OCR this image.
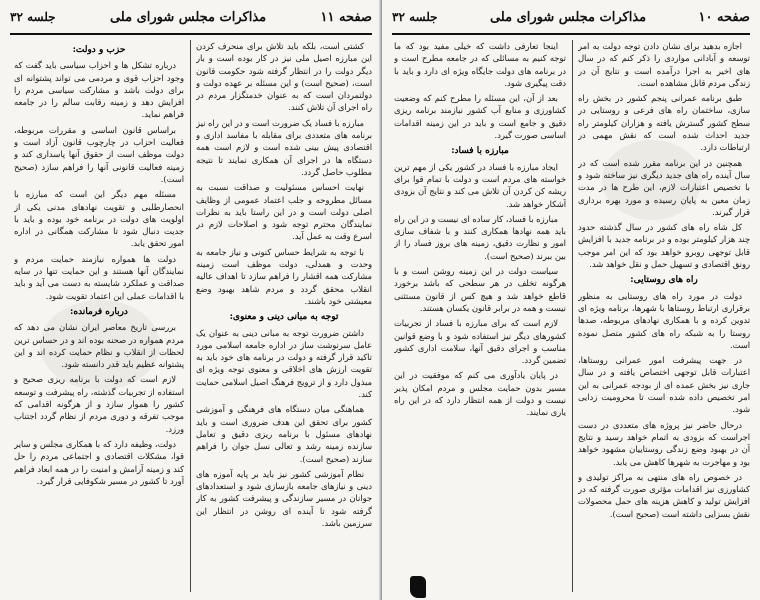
جلسه ۳۲	مذاکرات مجلس شورای ملی	صفحه ۱۱

کشتی است، بلکه باید تلاش برای منحرف کردن این مبارزه اصیل ملی نیز در کار بوده است و بار دیگر دولت را در انتظار گرفته شود حکومت قانون است، (صحیح است) و این مسئله بر عهده دولت و دولتمردان است که به عنوان خدمتگزار مردم در راه اجرای آن تلاش کنند.

مبارزه با فساد یک ضرورت است و در این راه نیز برنامه های متعددی برای مقابله با مفاسد اداری و اقتصادی پیش بینی شده است و لازم است همه دستگاه ها در اجرای آن همکاری نمایند تا نتیجه مطلوب حاصل گردد.

نهایت احساس مسئولیت و صداقت نسبت به مسائل مطروحه و جلب اعتماد عمومی از وظایف اصلی دولت است و در این راستا باید به نظرات نمایندگان محترم توجه شود و اصلاحات لازم در اسرع وقت به عمل آید.

با توجه به شرایط حساس کنونی و نیاز جامعه به وحدت و همدلی، دولت موظف است زمینه مشارکت همه اقشار را فراهم سازد تا اهداف عالیه انقلاب محقق گردد و مردم شاهد بهبود وضع معیشتی خود باشند.

توجه به مبانی دینی و معنوی:

داشتن ضرورت توجه به مبانی دینی به عنوان یک عامل سرنوشت ساز در اداره جامعه اسلامی مورد تاکید قرار گرفته و دولت در برنامه های خود باید به تقویت ارزش های اخلاقی و معنوی توجه ویژه ای مبذول دارد و از ترویج فرهنگ اصیل اسلامی حمایت کند.

هماهنگی میان دستگاه های فرهنگی و آموزشی کشور برای تحقق این هدف ضروری است و باید نهادهای مسئول با برنامه ریزی دقیق و تعامل سازنده زمینه رشد و تعالی نسل جوان را فراهم سازند (صحیح است).

نظام آموزشی کشور نیز باید بر پایه آموزه های دینی و نیازهای جامعه بازسازی شود و استعدادهای جوانان در مسیر سازندگی و پیشرفت کشور به کار گرفته شود تا آینده ای روشن در انتظار این سرزمین باشد.

حزب و دولت:

درباره تشکل ها و احزاب سیاسی باید گفت که وجود احزاب قوی و مردمی می تواند پشتوانه ای برای دولت باشد و مشارکت سیاسی مردم را افزایش دهد و زمینه رقابت سالم را در جامعه فراهم نماید.

براساس قانون اساسی و مقررات مربوطه، فعالیت احزاب در چارچوب قانون آزاد است و دولت موظف است از حقوق آنها پاسداری کند و زمینه فعالیت قانونی آنها را فراهم سازد (صحیح است).

مسئله مهم دیگر این است که مبارزه با انحصارطلبی و تقویت نهادهای مدنی یکی از اولویت های دولت در برنامه خود بوده و باید با جدیت دنبال شود تا مشارکت همگانی در اداره امور تحقق یابد.

دولت ها همواره نیازمند حمایت مردم و نمایندگان آنها هستند و این حمایت تنها در سایه صداقت و عملکرد شایسته به دست می آید و باید با اقدامات عملی این اعتماد تقویت شود.

درباره فرمانده:

بررسی تاریخ معاصر ایران نشان می دهد که مردم همواره در صحنه بوده اند و در حساس ترین لحظات از انقلاب و نظام حمایت کرده اند و این پشتوانه عظیم باید قدر دانسته شود.

لازم است که دولت با برنامه ریزی صحیح و استفاده از تجربیات گذشته، راه پیشرفت و توسعه کشور را هموار سازد و از هرگونه اقدامی که موجب تفرقه و دوری مردم از نظام گردد اجتناب ورزد.

دولت، وظیفه دارد که با همکاری مجلس و سایر قوا، مشکلات اقتصادی و اجتماعی مردم را حل کند و زمینه آرامش و امنیت را در همه ابعاد فراهم آورد تا کشور در مسیر شکوفایی قرار گیرد.

جلسه ۳۲	مذاکرات مجلس شورای ملی	صفحه ۱۰

اجازه بدهید برای نشان دادن توجه دولت به امر توسعه و آبادانی مواردی را ذکر کنم که در سال های اخیر به اجرا درآمده است و نتایج آن در زندگی مردم قابل مشاهده است.

طبق برنامه عمرانی پنجم کشور در بخش راه سازی، ساختمان راه های فرعی و روستایی در سطح کشور گسترش یافته و هزاران کیلومتر راه جدید احداث شده است که نقش مهمی در ارتباطات دارد.

همچنین در این برنامه مقرر شده است که در سال آینده راه های جدید دیگری نیز ساخته شود و با تخصیص اعتبارات لازم، این طرح ها در مدت زمان معین به پایان رسیده و مورد بهره برداری قرار گیرند.

کل شاه راه های کشور در سال گذشته حدود چند هزار کیلومتر بوده و در برنامه جدید با افزایش قابل توجهی روبرو خواهد بود که این امر موجب رونق اقتصادی و تسهیل حمل و نقل خواهد شد.

راه های روستایی:

دولت در مورد راه های روستایی به منظور برقراری ارتباط روستاها با شهرها، برنامه ویژه ای تدوین کرده و با همکاری نهادهای مربوطه، صدها روستا را به شبکه راه های کشور متصل نموده است.

در جهت پیشرفت امور عمرانی روستاها، اعتبارات قابل توجهی اختصاص یافته و در سال جاری نیز بخش عمده ای از بودجه عمرانی به این امر تخصیص داده شده است تا محرومیت زدایی شود.

درحال حاضر نیز پروژه های متعددی در دست اجراست که بزودی به اتمام خواهد رسید و نتایج آن در بهبود وضع زندگی روستاییان مشهود خواهد بود و مهاجرت به شهرها کاهش می یابد.

در خصوص راه های منتهی به مراکز تولیدی و کشاورزی نیز اقدامات مؤثری صورت گرفته که در افزایش تولید و کاهش هزینه های حمل محصولات نقش بسزایی داشته است (صحیح است).

اینجا تعارفی داشت که خیلی مفید بود که ما توجه کنیم به مسائلی که در جامعه مطرح است و در برنامه های دولت جایگاه ویژه ای دارد و باید با دقت پیگیری شود.

بعد از آن، این مسئله را مطرح کنم که وضعیت کشاورزی و منابع آب کشور نیازمند برنامه ریزی دقیق و جامع است و باید در این زمینه اقدامات اساسی صورت گیرد.

مبارزه با فساد:

ایجاد مبارزه با فساد در کشور یکی از مهم ترین خواسته های مردم است و دولت با تمام قوا برای ریشه کن کردن آن تلاش می کند و نتایج آن بزودی آشکار خواهد شد.

مبارزه با فساد، کار ساده ای نیست و در این راه باید همه نهادها همکاری کنند و با شفاف سازی امور و نظارت دقیق، زمینه های بروز فساد را از بین ببرند (صحیح است).

سیاست دولت در این زمینه روشن است و با هرگونه تخلف در هر سطحی که باشد برخورد قاطع خواهد شد و هیچ کس از قانون مستثنی نیست و همه در برابر قانون یکسان هستند.

لازم است که برای مبارزه با فساد از تجربیات کشورهای دیگر نیز استفاده شود و با وضع قوانین مناسب و اجرای دقیق آنها، سلامت اداری کشور تضمین گردد.

در پایان یادآوری می کنم که موفقیت در این مسیر بدون حمایت مجلس و مردم امکان پذیر نیست و دولت از همه انتظار دارد که در این راه یاری نمایند.
